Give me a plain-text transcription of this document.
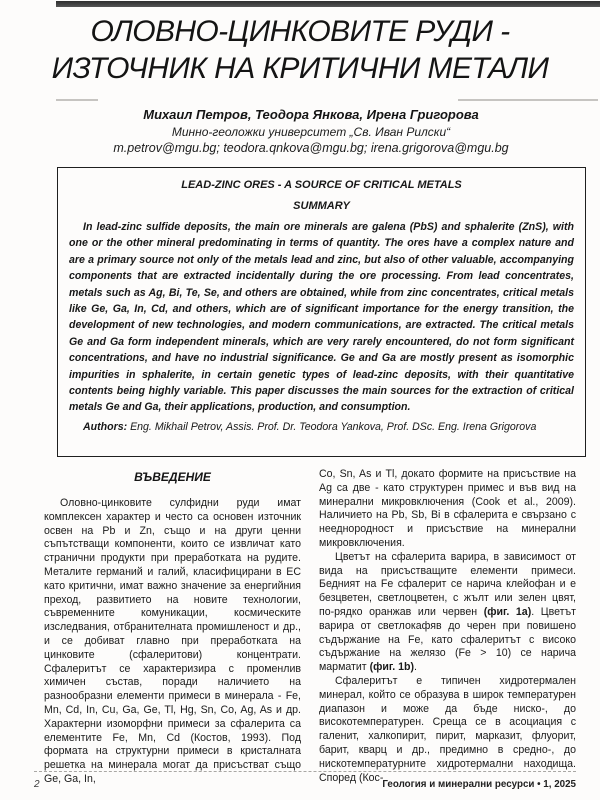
ОЛОВНО-ЦИНКОВИТЕ РУДИ -
ИЗТОЧНИК НА КРИТИЧНИ МЕТАЛИ
Михаил Петров, Теодора Янкова, Ирена Григорова
Минно-геоложки университет „Св. Иван Рилски“
m.petrov@mgu.bg; teodora.qnkova@mgu.bg; irena.grigorova@mgu.bg
LEAD-ZINC ORES - A SOURCE OF CRITICAL METALS
SUMMARY

In lead-zinc sulfide deposits, the main ore minerals are galena (PbS) and sphalerite (ZnS), with one or the other mineral predominating in terms of quantity. The ores have a complex nature and are a primary source not only of the metals lead and zinc, but also of other valuable, accompanying components that are extracted incidentally during the ore processing. From lead concentrates, metals such as Ag, Bi, Te, Se, and others are obtained, while from zinc concentrates, critical metals like Ge, Ga, In, Cd, and others, which are of significant importance for the energy transition, the development of new technologies, and modern communications, are extracted. The critical metals Ge and Ga form independent minerals, which are very rarely encountered, do not form significant concentrations, and have no industrial significance. Ge and Ga are mostly present as isomorphic impurities in sphalerite, in certain genetic types of lead-zinc deposits, with their quantitative contents being highly variable. This paper discusses the main sources for the extraction of critical metals Ge and Ga, their applications, production, and consumption.

Authors: Eng. Mikhail Petrov, Assis. Prof. Dr. Teodora Yankova, Prof. DSc. Eng. Irena Grigorova

ВЪВЕДЕНИЕ

Оловно-цинковите сулфидни руди имат комплексен характер и често са основен източник освен на Pb и Zn, също и на други ценни съпътстващи компоненти, които се извличат като странични продукти при преработката на рудите. Металите германий и галий, класифицирани в ЕС като критични, имат важно значение за енергийния преход, развитието на новите технологии, съвременните комуникации, космическите изследвания, отбранителната промишленост и др., и се добиват главно при преработката на цинковите (сфалеритови) концентрати. Сфалеритът се характеризира с променлив химичен състав, поради наличието на разнообразни елементи примеси в минерала - Fe, Mn, Cd, In, Cu, Ga, Ge, Tl, Hg, Sn, Co, Ag, As и др. Характерни изоморфни примеси за сфалерита са елементите Fe, Mn, Cd (Костов, 1993). Под формата на структурни примеси в кристалната решетка на минерала могат да присъстват също Ge, Ga, In,

Co, Sn, As и Tl, докато формите на присъствие на Ag са две - като структурен примес и във вид на минерални микровключения (Cook et al., 2009). Наличието на Pb, Sb, Bi в сфалерита е свързано с нееднородност и присъствие на минерални микровключения.

Цветът на сфалерита варира, в зависимост от вида на присъстващите елементи примеси. Бедният на Fe сфалерит се нарича клейофан и е безцветен, светлоцветен, с жълт или зелен цвят, по-рядко оранжав или червен (фиг. 1a). Цветът варира от светлокафяв до черен при повишено съдържание на Fe, като сфалеритът с високо съдържание на желязо (Fe > 10) се нарича марматит (фиг. 1b).

Сфалеритът е типичен хидротермален минерал, който се образува в широк температурен диапазон и може да бъде ниско-, до високотемпературен. Среща се в асоциация с галенит, халкопирит, пирит, марказит, флуорит, барит, кварц и др., предимно в средно-, до нискотемпературните хидротермални находища. Според (Кос-

2	Геология и минерални ресурси • 1, 2025
